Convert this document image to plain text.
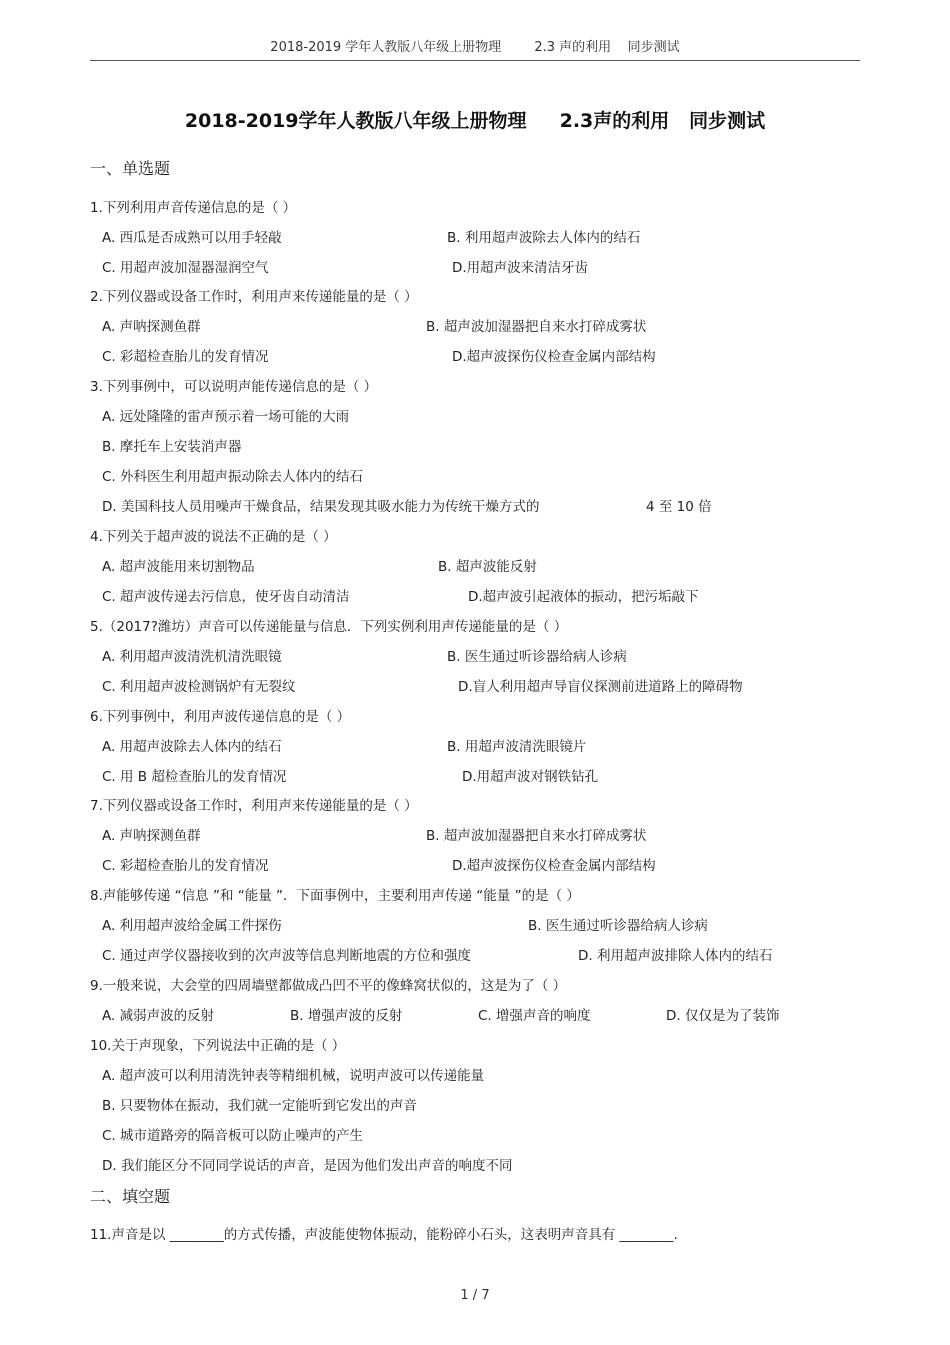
2018-2019 学年人教版八年级上册物理        2.3 声的利用    同步测试
2018-2019学年人教版八年级上册物理     2.3声的利用   同步测试
一、单选题
1.下列利用声音传递信息的是（ ）
A. 西瓜是否成熟可以用手轻敲	B. 利用超声波除去人体内的结石
C. 用超声波加湿器湿润空气	D.用超声波来清洁牙齿
2.下列仪器或设备工作时，利用声来传递能量的是（ ）
A. 声呐探测鱼群	B. 超声波加湿器把自来水打碎成雾状
C. 彩超检查胎儿的发育情况	D.超声波探伤仪检查金属内部结构
3.下列事例中，可以说明声能传递信息的是（ ）
A. 远处隆隆的雷声预示着一场可能的大雨
B. 摩托车上安装消声器
C. 外科医生利用超声振动除去人体内的结石
D. 美国科技人员用噪声干燥食品，结果发现其吸水能力为传统干燥方式的	4 至 10 倍
4.下列关于超声波的说法不正确的是（ ）
A. 超声波能用来切割物品	B. 超声波能反射
C. 超声波传递去污信息，使牙齿自动清洁	D.超声波引起液体的振动，把污垢敲下
5.（2017?潍坊）声音可以传递能量与信息．下列实例利用声传递能量的是（ ）
A. 利用超声波清洗机清洗眼镜	B. 医生通过听诊器给病人诊病
C. 利用超声波检测锅炉有无裂纹	D.盲人利用超声导盲仪探测前进道路上的障碍物
6.下列事例中，利用声波传递信息的是（ ）
A. 用超声波除去人体内的结石	B. 用超声波清洗眼镜片
C. 用 B 超检查胎儿的发育情况	D.用超声波对钢铁钻孔
7.下列仪器或设备工作时，利用声来传递能量的是（ ）
A. 声呐探测鱼群	B. 超声波加湿器把自来水打碎成雾状
C. 彩超检查胎儿的发育情况	D.超声波探伤仪检查金属内部结构
8.声能够传递 “信息 ”和 “能量 ”．下面事例中，主要利用声传递 “能量 ”的是（ ）
A. 利用超声波给金属工件探伤	B. 医生通过听诊器给病人诊病
C. 通过声学仪器接收到的次声波等信息判断地震的方位和强度	D. 利用超声波排除人体内的结石
9.一般来说，大会堂的四周墙壁都做成凸凹不平的像蜂窝状似的，这是为了（ ）
A. 减弱声波的反射	B. 增强声波的反射	C. 增强声音的响度	D. 仅仅是为了装饰
10.关于声现象，下列说法中正确的是（ ）
A. 超声波可以利用清洗钟表等精细机械，说明声波可以传递能量
B. 只要物体在振动，我们就一定能听到它发出的声音
C. 城市道路旁的隔音板可以防止噪声的产生
D. 我们能区分不同同学说话的声音，是因为他们发出声音的响度不同
二、填空题
11.声音是以 ________的方式传播，声波能使物体振动，能粉碎小石头，这表明声音具有 ________.
1 / 7
